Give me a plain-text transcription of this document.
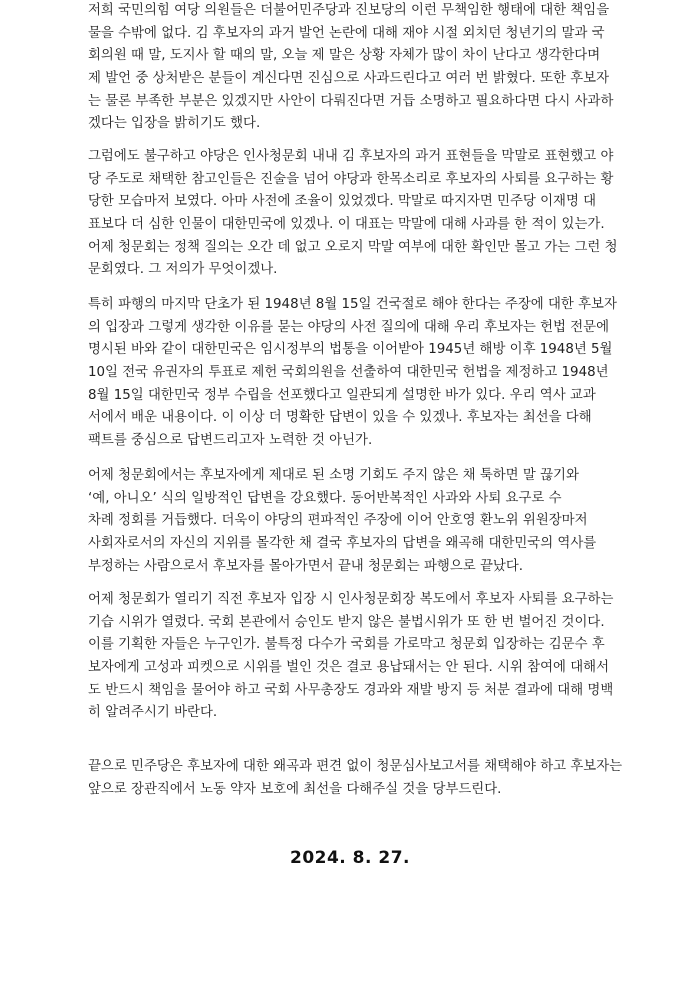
저희 국민의힘 여당 의원들은 더불어민주당과 진보당의 이런 무책임한 행태에 대한 책임을
물을 수밖에 없다. 김 후보자의 과거 발언 논란에 대해 재야 시절 외치던 청년기의 말과 국
회의원 때 말, 도지사 할 때의 말, 오늘 제 말은 상황 자체가 많이 차이 난다고 생각한다며
제 발언 중 상처받은 분들이 계신다면 진심으로 사과드린다고 여러 번 밝혔다. 또한 후보자
는 물론 부족한 부분은 있겠지만 사안이 다뤄진다면 거듭 소명하고 필요하다면 다시 사과하
겠다는 입장을 밝히기도 했다.

그럼에도 불구하고 야당은 인사청문회 내내 김 후보자의 과거 표현들을 막말로 표현했고 야
당 주도로 채택한 참고인들은 진술을 넘어 야당과 한목소리로 후보자의 사퇴를 요구하는 황
당한 모습마저 보였다. 아마 사전에 조율이 있었겠다. 막말로 따지자면 민주당 이재명 대
표보다 더 심한 인물이 대한민국에 있겠나. 이 대표는 막말에 대해 사과를 한 적이 있는가.
어제 청문회는 정책 질의는 오간 데 없고 오로지 막말 여부에 대한 확인만 몰고 가는 그런 청
문회였다. 그 저의가 무엇이겠나.

특히 파행의 마지막 단초가 된 1948년 8월 15일 건국절로 해야 한다는 주장에 대한 후보자
의 입장과 그렇게 생각한 이유를 묻는 야당의 사전 질의에 대해 우리 후보자는 헌법 전문에
명시된 바와 같이 대한민국은 임시정부의 법통을 이어받아 1945년 해방 이후 1948년 5월
10일 전국 유권자의 투표로 제헌 국회의원을 선출하여 대한민국 헌법을 제정하고 1948년
8월 15일 대한민국 정부 수립을 선포했다고 일관되게 설명한 바가 있다. 우리 역사 교과
서에서 배운 내용이다. 이 이상 더 명확한 답변이 있을 수 있겠나. 후보자는 최선을 다해
팩트를 중심으로 답변드리고자 노력한 것 아닌가.

어제 청문회에서는 후보자에게 제대로 된 소명 기회도 주지 않은 채 툭하면 말 끊기와
‘예, 아니오’ 식의 일방적인 답변을 강요했다. 동어반복적인 사과와 사퇴 요구로 수
차례 정회를 거듭했다. 더욱이 야당의 편파적인 주장에 이어 안호영 환노위 위원장마저
사회자로서의 자신의 지위를 몰각한 채 결국 후보자의 답변을 왜곡해 대한민국의 역사를
부정하는 사람으로서 후보자를 몰아가면서 끝내 청문회는 파행으로 끝났다.

어제 청문회가 열리기 직전 후보자 입장 시 인사청문회장 복도에서 후보자 사퇴를 요구하는
기습 시위가 열렸다. 국회 본관에서 승인도 받지 않은 불법시위가 또 한 번 벌어진 것이다.
이를 기획한 자들은 누구인가. 불특정 다수가 국회를 가로막고 청문회 입장하는 김문수 후
보자에게 고성과 피켓으로 시위를 벌인 것은 결코 용납돼서는 안 된다. 시위 참여에 대해서
도 반드시 책임을 물어야 하고 국회 사무총장도 경과와 재발 방지 등 처분 결과에 대해 명백
히 알려주시기 바란다.

끝으로 민주당은 후보자에 대한 왜곡과 편견 없이 청문심사보고서를 채택해야 하고 후보자는
앞으로 장관직에서 노동 약자 보호에 최선을 다해주실 것을 당부드린다.

2024. 8. 27.
